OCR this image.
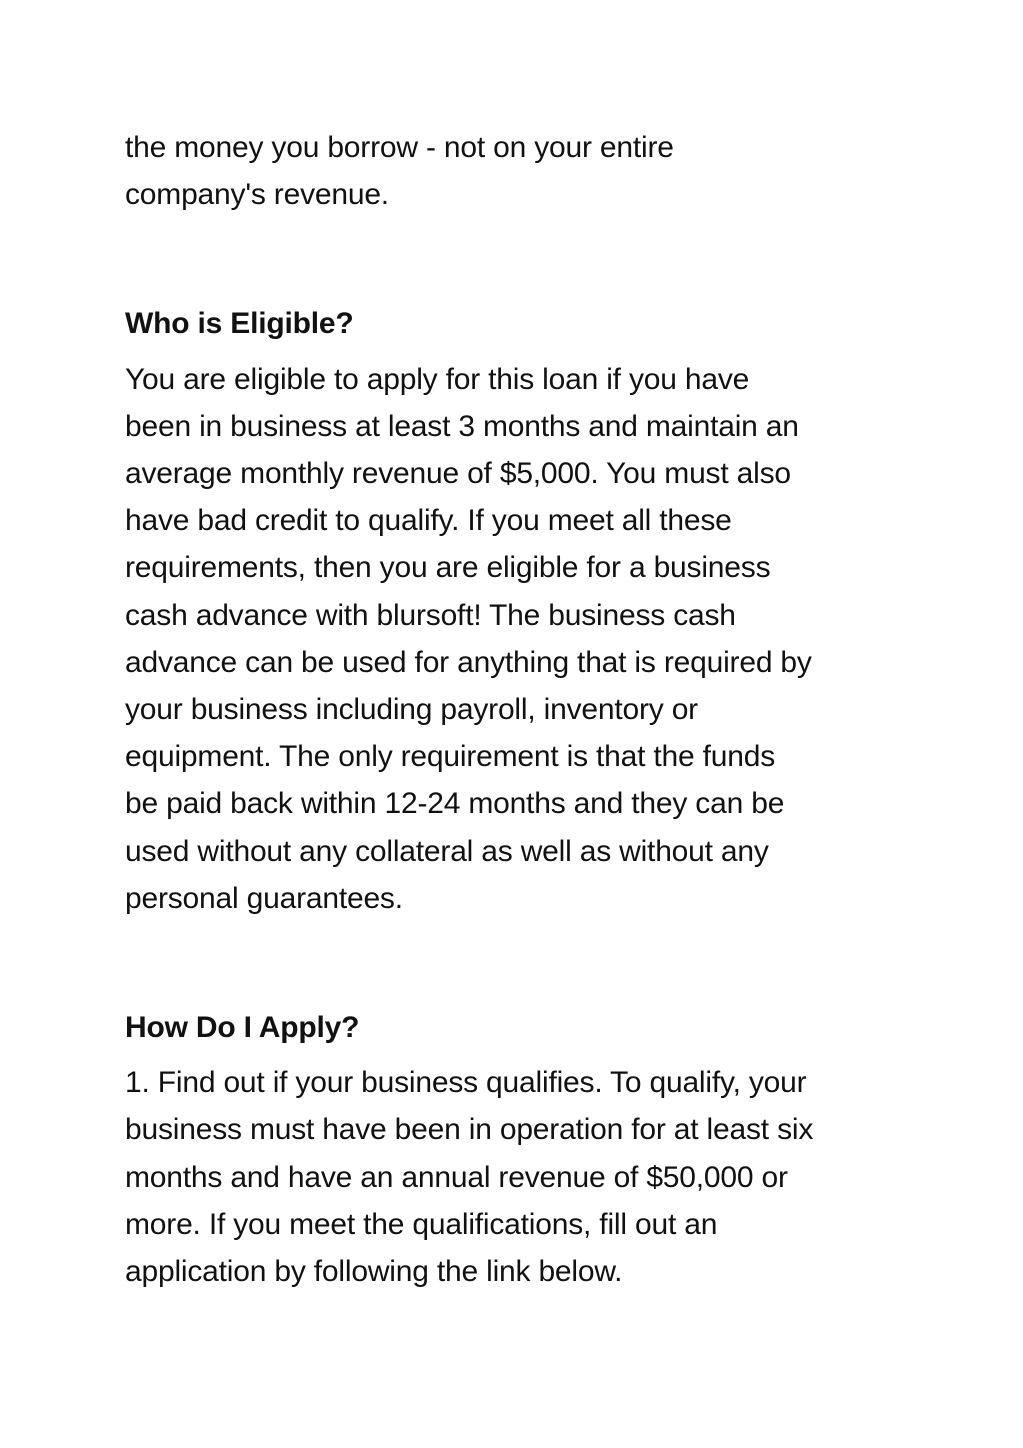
the money you borrow - not on your entire
company's revenue.
Who is Eligible?
You are eligible to apply for this loan if you have
been in business at least 3 months and maintain an
average monthly revenue of $5,000. You must also
have bad credit to qualify. If you meet all these
requirements, then you are eligible for a business
cash advance with blursoft! The business cash
advance can be used for anything that is required by
your business including payroll, inventory or
equipment. The only requirement is that the funds
be paid back within 12-24 months and they can be
used without any collateral as well as without any
personal guarantees.
How Do I Apply?
1. Find out if your business qualifies. To qualify, your
business must have been in operation for at least six
months and have an annual revenue of $50,000 or
more. If you meet the qualifications, fill out an
application by following the link below.
